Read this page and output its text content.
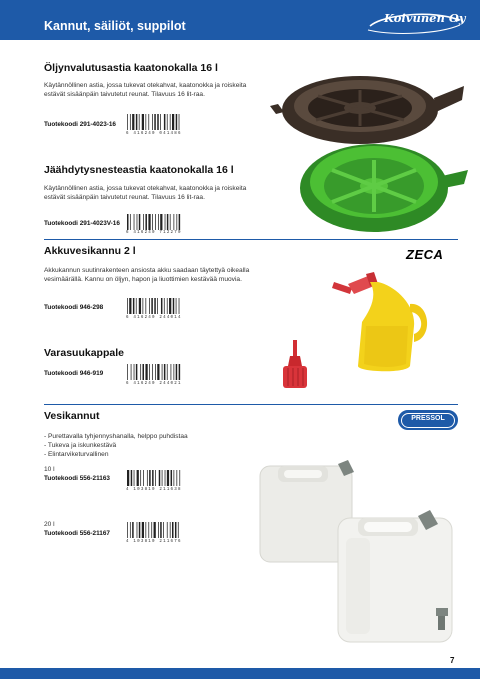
Kannut, säiliöt, suppilot
Koivunen Oy
Öljynvalutusastia kaatonokalla 16 l
Käytännöllinen astia, jossa tukevat otekahvat, kaatonokka ja roiskeita estävät sisäänpäin taivutetut reunat. Tilavuus 16 lit-raa.
Tuotekoodi 291-4023-16
6 416240 041486
Jäähdytysnesteastia kaatonokalla 16 l
Käytännöllinen astia, jossa tukevat otekahvat, kaatonokka ja roiskeita estävät sisäänpäin taivutetut reunat. Tilavuus 16 lit-raa.
Tuotekoodi 291-4023V-16
6 416240 712270
Akkuvesikannu 2 l	ZECA
Akkukannun suutinrakenteen ansiosta akku saadaan täytettyä oikealla vesimäärällä. Kannu on öljyn, hapon ja liuottimien kestävää muovia.
Tuotekoodi 946-298
6 416240 244014
Varasuukappale
Tuotekoodi 946-919
6 416240 244021
Vesikannut	PRESSOL
- Purettavalla tyhjennyshanalla, helppo puhdistaa
- Tukeva ja iskunkestävä
- Elintarviketurvallinen
10 l
Tuotekoodi 556-21163
4 103810 211638
20 l
Tuotekoodi 556-21167
4 103810 211676
7
